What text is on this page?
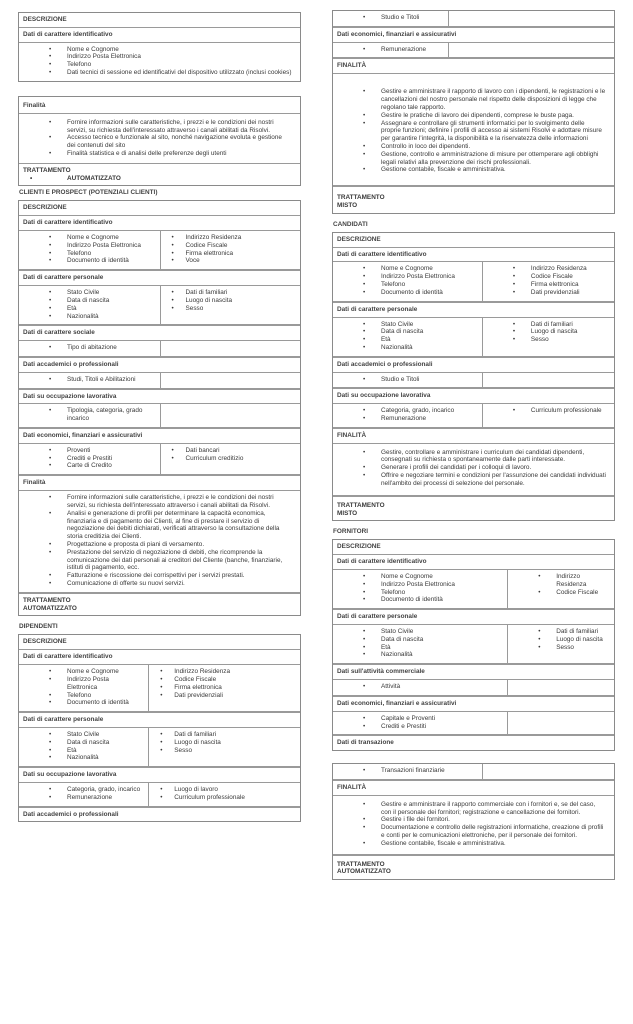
DESCRIZIONE
Dati di carattere identificativo
• Nome e Cognome
• Indirizzo Posta Elettronica
• Telefono
• Dati tecnici di sessione ed identificativi del dispositivo utilizzato (inclusi cookies)
Finalità
• Fornire informazioni sulle caratteristiche, i prezzi e le condizioni dei nostri servizi, su richiesta dell'interessato attraverso i canali abilitati da Risolvi.
• Accesso tecnico e funzionale al sito, nonché navigazione evoluta e gestione dei contenuti del sito
• Finalità statistica e di analisi delle preferenze degli utenti
TRATTAMENTO
• AUTOMATIZZATO
CLIENTI E PROSPECT (POTENZIALI CLIENTI)
DESCRIZIONE
Dati di carattere identificativo
• Nome e Cognome
• Indirizzo Posta Elettronica
• Telefono
• Documento di identità
• Indirizzo Residenza
• Codice Fiscale
• Firma elettronica
• Voce
Dati di carattere personale
• Stato Civile
• Data di nascita
• Età
• Nazionalità
• Dati di familiari
• Luogo di nascita
• Sesso
Dati di carattere sociale
• Tipo di abitazione
Dati accademici o professionali
• Studi, Titoli e Abilitazioni
Dati su occupazione lavorativa
• Tipologia, categoria, grado incarico
Dati economici, finanziari e assicurativi
• Proventi
• Crediti e Prestiti
• Carte di Credito
• Dati bancari
• Curriculum creditizio
Finalità
• Fornire informazioni sulle caratteristiche, i prezzi e le condizioni dei nostri servizi, su richiesta dell'interessato attraverso i canali abilitati da Risolvi.
• Analisi e generazione di profili per determinare la capacità economica, finanziaria e di pagamento dei Clienti, al fine di prestare il servizio di negoziazione dei debiti dichiarati, verificati attraverso la consultazione della storia creditizia dei Clienti.
• Progettazione e proposta di piani di versamento.
• Prestazione del servizio di negoziazione di debiti, che ricomprende la comunicazione dei dati personali ai creditori del Cliente (banche, finanziarie, istituti di pagamento, ecc.
• Fatturazione e riscossione dei corrispettivi per i servizi prestati.
• Comunicazione di offerte su nuovi servizi.
TRATTAMENTO
AUTOMATIZZATO
DIPENDENTI
DESCRIZIONE
Dati di carattere identificativo
• Nome e Cognome
• Indirizzo Posta Elettronica
• Telefono
• Documento di identità
• Indirizzo Residenza
• Codice Fiscale
• Firma elettronica
• Dati previdenziali
Dati di carattere personale
• Stato Civile
• Data di nascita
• Età
• Nazionalità
• Dati di familiari
• Luogo di nascita
• Sesso
Dati su occupazione lavorativa
• Categoria, grado, incarico
• Remunerazione
• Luogo di lavoro
• Curriculum professionale
Dati accademici o professionali
• Studio e Titoli
Dati economici, finanziari e assicurativi
• Remunerazione
FINALITÀ
• Gestire e amministrare il rapporto di lavoro con i dipendenti, le registrazioni e le cancellazioni del nostro personale nel rispetto delle disposizioni di legge che regolano tale rapporto.
• Gestire le pratiche di lavoro dei dipendenti, comprese le buste paga.
• Assegnare e controllare gli strumenti informatici per lo svolgimento delle proprie funzioni; definire i profili di accesso ai sistemi Risolvi e adottare misure per garantire l'integrità, la disponibilità e la riservatezza delle informazioni
• Controllo in loco dei dipendenti.
• Gestione, controllo e amministrazione di misure per ottemperare agli obblighi legali relativi alla prevenzione dei rischi professionali.
• Gestione contabile, fiscale e amministrativa.
TRATTAMENTO
MISTO
CANDIDATI
DESCRIZIONE
Dati di carattere identificativo
• Nome e Cognome
• Indirizzo Posta Elettronica
• Telefono
• Documento di identità
• Indirizzo Residenza
• Codice Fiscale
• Firma elettronica
• Dati previdenziali
Dati di carattere personale
• Stato Civile
• Data di nascita
• Età
• Nazionalità
• Dati di familiari
• Luogo di nascita
• Sesso
Dati accademici o professionali
• Studio e Titoli
Dati su occupazione lavorativa
• Categoria, grado, incarico
• Remunerazione
• Curriculum professionale
FINALITÀ
• Gestire, controllare e amministrare i curriculum dei candidati dipendenti, consegnati su richiesta o spontaneamente dalle parti interessate.
• Generare i profili dei candidati per i colloqui di lavoro.
• Offrire e negoziare termini e condizioni per l'assunzione dei candidati individuati nell'ambito dei processi di selezione del personale.
TRATTAMENTO
MISTO
FORNITORI
DESCRIZIONE
Dati di carattere identificativo
• Nome e Cognome
• Indirizzo Posta Elettronica
• Telefono
• Documento di identità
• Indirizzo Residenza
• Codice Fiscale
Dati di carattere personale
• Stato Civile
• Data di nascita
• Età
• Nazionalità
• Dati di familiari
• Luogo di nascita
• Sesso
Dati sull'attività commerciale
• Attività
Dati economici, finanziari e assicurativi
• Capitale e Proventi
• Crediti e Prestiti
Dati di transazione
• Transazioni finanziarie
FINALITÀ
• Gestire e amministrare il rapporto commerciale con i fornitori e, se del caso, con il personale dei fornitori; registrazione e cancellazione dei fornitori.
• Gestire i file dei fornitori.
• Documentazione e controllo delle registrazioni informatiche, creazione di profili e conti per le comunicazioni elettroniche, per il personale dei fornitori.
• Gestione contabile, fiscale e amministrativa.
TRATTAMENTO
AUTOMATIZZATO
